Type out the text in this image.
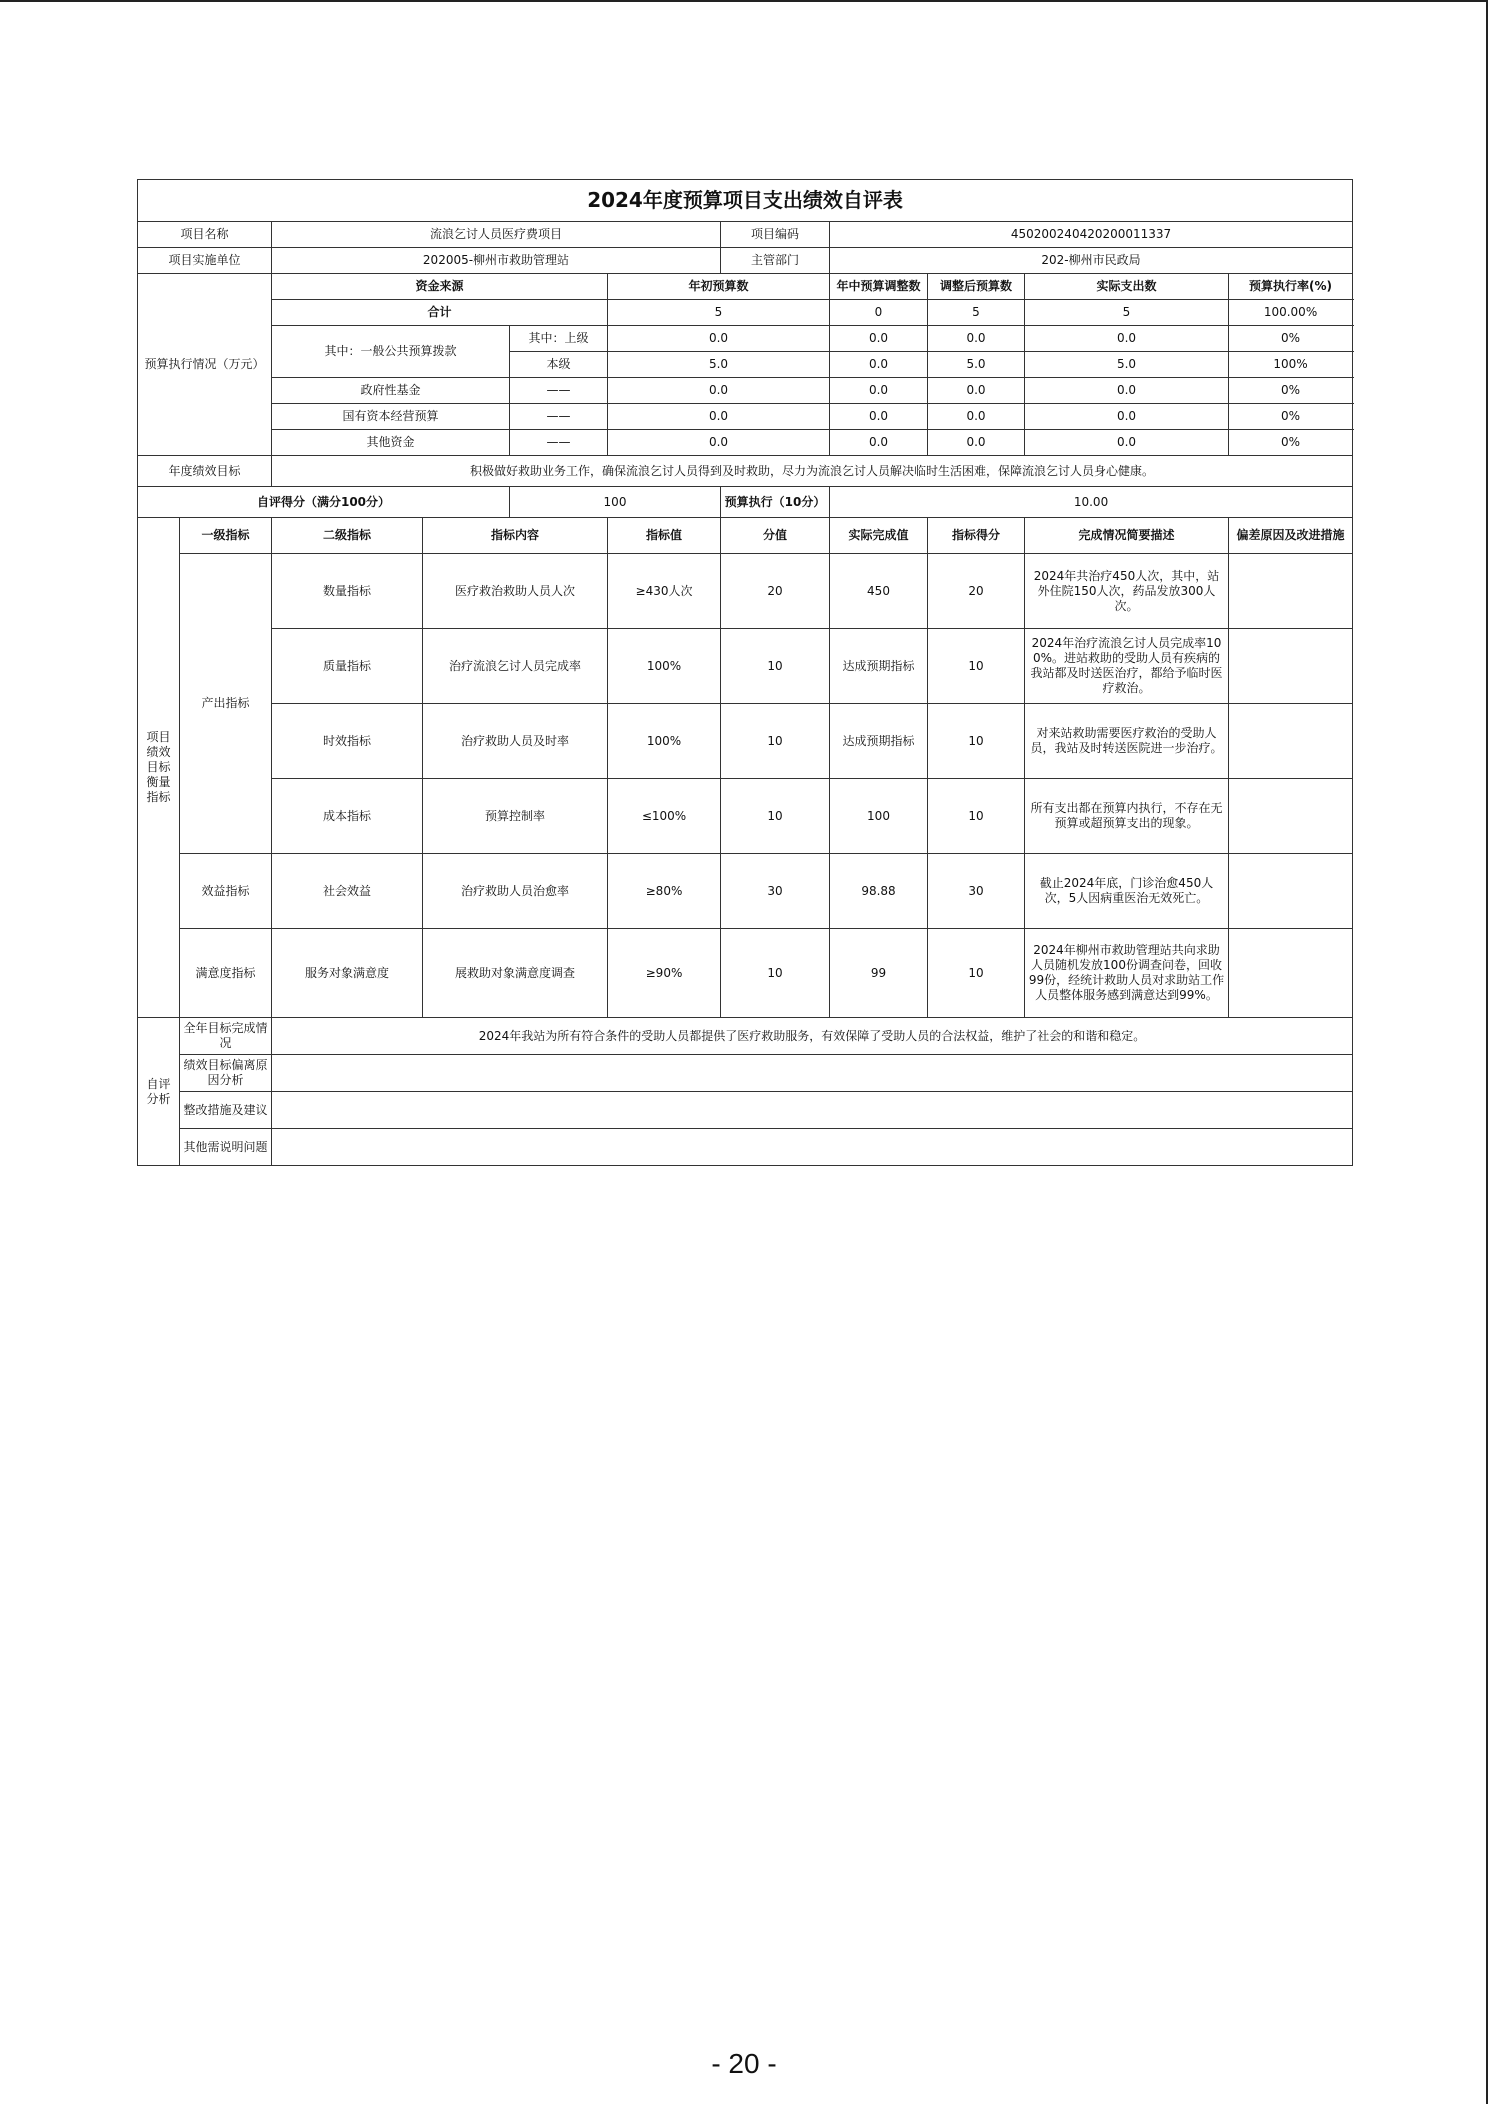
2024年度预算项目支出绩效自评表										
项目名称		流浪乞讨人员医疗费项目				项目编码	450200240420200011337			
项目实施单位		202005-柳州市救助管理站				主管部门	202-柳州市民政局			
预算执行情况（万元）		资金来源			年初预算数		年中预算调整数	调整后预算数	实际支出数	预算执行率(%)
		合计			5		0	5	5	100.00%
		其中：一般公共预算拨款		其中：上级	0.0		0.0	0.0	0.0	0%
				本级	5.0		0.0	5.0	5.0	100%
		政府性基金		——	0.0		0.0	0.0	0.0	0%
		国有资本经营预算		——	0.0		0.0	0.0	0.0	0%
		其他资金		——	0.0		0.0	0.0	0.0	0%
年度绩效目标		积极做好救助业务工作，确保流浪乞讨人员得到及时救助，尽力为流浪乞讨人员解决临时生活困难，保障流浪乞讨人员身心健康。								
自评得分（满分100分）				100		预算执行（10分）	10.00			
项目绩效目标衡量指标	一级指标	二级指标	指标内容		指标值	分值	实际完成值	指标得分	完成情况简要描述	偏差原因及改进措施
	产出指标	数量指标	医疗救治救助人员人次		≥430人次	20	450	20	2024年共治疗450人次，其中，站外住院150人次，药品发放300人次。	
		质量指标	治疗流浪乞讨人员完成率		100%	10	达成预期指标	10	2024年治疗流浪乞讨人员完成率100%。进站救助的受助人员有疾病的我站都及时送医治疗，都给予临时医疗救治。	
		时效指标	治疗救助人员及时率		100%	10	达成预期指标	10	对来站救助需要医疗救治的受助人员，我站及时转送医院进一步治疗。	
		成本指标	预算控制率		≤100%	10	100	10	所有支出都在预算内执行，不存在无预算或超预算支出的现象。	
	效益指标	社会效益	治疗救助人员治愈率		≥80%	30	98.88	30	截止2024年底，门诊治愈450人次，5人因病重医治无效死亡。	
	满意度指标	服务对象满意度	展救助对象满意度调查		≥90%	10	99	10	2024年柳州市救助管理站共向求助人员随机发放100份调查问卷，回收99份，经统计救助人员对求助站工作人员整体服务感到满意达到99%。	
自评分析	全年目标完成情况	2024年我站为所有符合条件的受助人员都提供了医疗救助服务，有效保障了受助人员的合法权益，维护了社会的和谐和稳定。								
	绩效目标偏离原因分析									
	整改措施及建议									
	其他需说明问题									
- 20 -
